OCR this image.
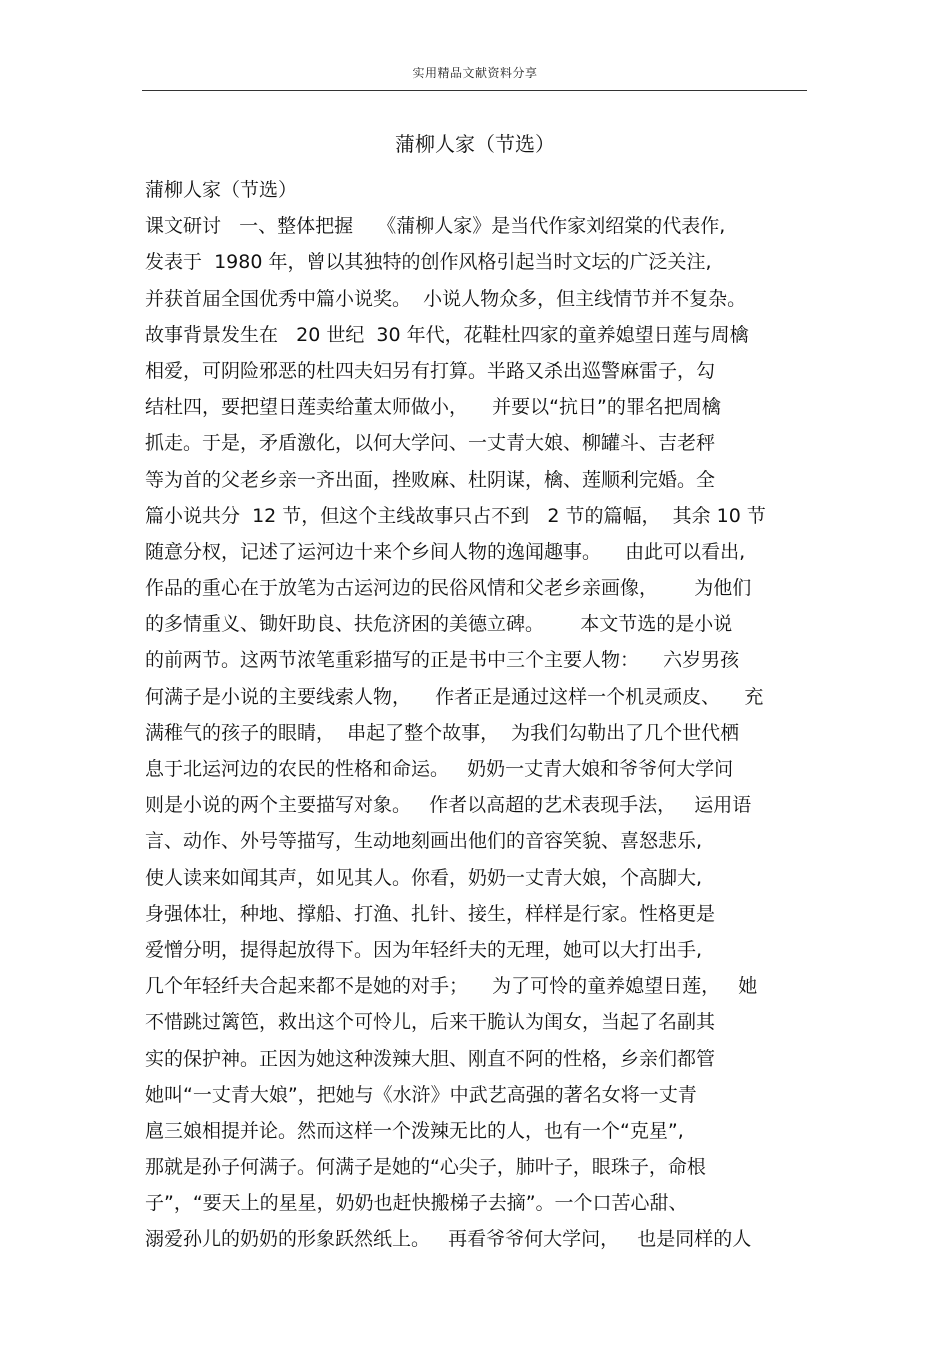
实用精品文献资料分享
蒲柳人家（节选）
蒲柳人家（节选）
课文研讨   一、整体把握    《蒲柳人家》是当代作家刘绍棠的代表作,
发表于  1980 年，曾以其独特的创作风格引起当时文坛的广泛关注,
并获首届全国优秀中篇小说奖。  小说人物众多，但主线情节并不复杂。
故事背景发生在   20 世纪  30 年代，花鞋杜四家的童养媳望日莲与周檎
相爱，可阴险邪恶的杜四夫妇另有打算。半路又杀出巡警麻雷子，勾
结杜四，要把望日莲卖给董太师做小，    并要以“抗日”的罪名把周檎
抓走。于是，矛盾激化，以何大学问、一丈青大娘、柳罐斗、吉老秤
等为首的父老乡亲一齐出面，挫败麻、杜阴谋，檎、莲顺利完婚。全
篇小说共分  12 节，但这个主线故事只占不到   2 节的篇幅，  其余 10 节
随意分杈，记述了运河边十来个乡间人物的逸闻趣事。    由此可以看出,
作品的重心在于放笔为古运河边的民俗风情和父老乡亲画像，      为他们
的多情重义、锄奸助良、扶危济困的美德立碑。      本文节选的是小说
的前两节。这两节浓笔重彩描写的正是书中三个主要人物：    六岁男孩
何满子是小说的主要线索人物，    作者正是通过这样一个机灵顽皮、    充
满稚气的孩子的眼睛，  串起了整个故事，  为我们勾勒出了几个世代栖
息于北运河边的农民的性格和命运。   奶奶一丈青大娘和爷爷何大学问
则是小说的两个主要描写对象。   作者以高超的艺术表现手法，   运用语
言、动作、外号等描写，生动地刻画出他们的音容笑貌、喜怒悲乐,
使人读来如闻其声，如见其人。你看，奶奶一丈青大娘，个高脚大,
身强体壮，种地、撑船、打渔、扎针、接生，样样是行家。性格更是
爱憎分明，提得起放得下。因为年轻纤夫的无理，她可以大打出手,
几个年轻纤夫合起来都不是她的对手；    为了可怜的童养媳望日莲，   她
不惜跳过篱笆，救出这个可怜儿，后来干脆认为闺女，当起了名副其
实的保护神。正因为她这种泼辣大胆、刚直不阿的性格，乡亲们都管
她叫“一丈青大娘”，把她与《水浒》中武艺高强的著名女将一丈青
扈三娘相提并论。然而这样一个泼辣无比的人，也有一个“克星”,
那就是孙子何满子。何满子是她的“心尖子，肺叶子，眼珠子，命根
子”，“要天上的星星，奶奶也赶快搬梯子去摘”。一个口苦心甜、
溺爱孙儿的奶奶的形象跃然纸上。   再看爷爷何大学问，   也是同样的人
